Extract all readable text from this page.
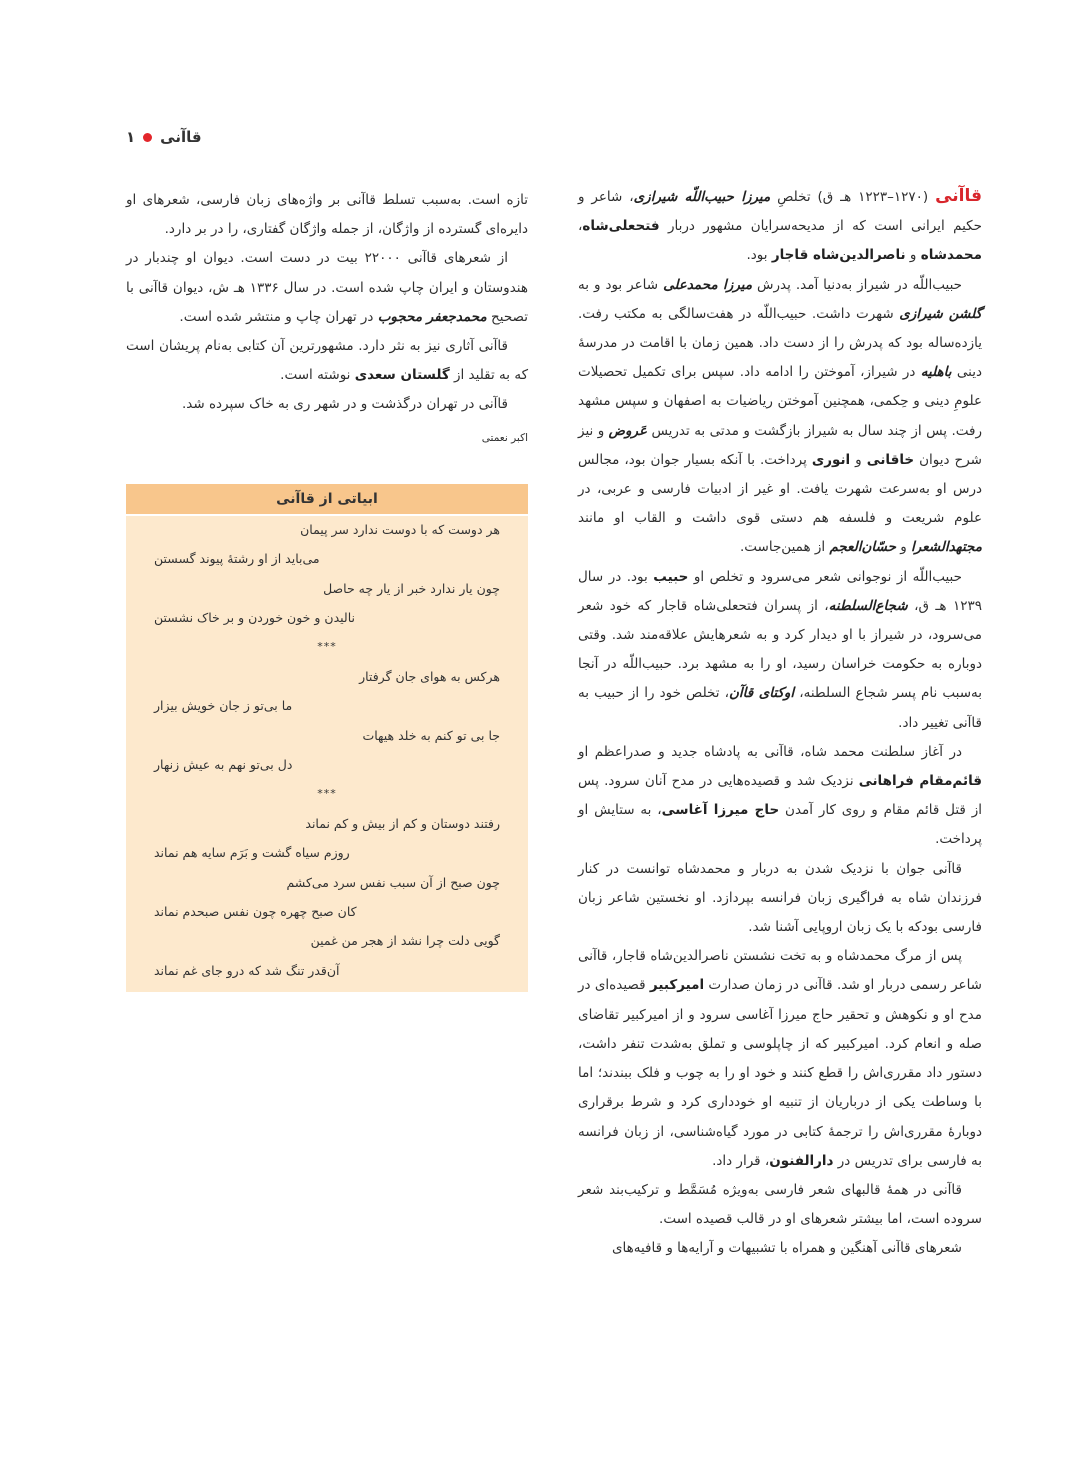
قاآنی
۱

قاآنی (۱۲۷۰–۱۲۲۳ هـ ق) تخلصِ میرزا حبیب‌اللّه شیرازی، شاعر و حکیم ایرانی است که از مدیحه‌سرایان مشهور دربار فتحعلی‌شاه، محمدشاه و ناصرالدین‌شاه قاجار بود.

حبیب‌اللّه در شیراز به‌دنیا آمد. پدرش میرزا محمدعلی شاعر بود و به گلشن شیرازی شهرت داشت. حبیب‌اللّه در هفت‌سالگی به مکتب رفت. یازده‌ساله بود که پدرش را از دست داد. همین زمان با اقامت در مدرسهٔ دینی باهلیه در شیراز، آموختن را ادامه داد. سپس برای تکمیل تحصیلات علومِ دینی و حِکمی، همچنین آموختن ریاضیات به اصفهان و سپس مشهد رفت. پس از چند سال به شیراز بازگشت و مدتی به تدریس عَروض و نیز شرح دیوان خاقانی و انوری پرداخت. با آنکه بسیار جوان بود، مجالس درس او به‌سرعت شهرت یافت. او غیر از ادبیات فارسی و عربی، در علوم شریعت و فلسفه هم دستی قوی داشت و القاب او مانند مجتهدالشعرا و حسّان‌العجم از همین‌جاست.

حبیب‌اللّه از نوجوانی شعر می‌سرود و تخلص او حبیب بود. در سال ۱۲۳۹ هـ ق، شجاع‌السلطنه، از پسران فتحعلی‌شاه قاجار که خود شعر می‌سرود، در شیراز با او دیدار کرد و به شعرهایش علاقه‌مند شد. وقتی دوباره به حکومت خراسان رسید، او را به مشهد برد. حبیب‌اللّه در آنجا به‌سبب نام پسر شجاع السلطنه، اوکتای قاآن، تخلص خود را از حبیب به قاآنی تغییر داد.

در آغاز سلطنت محمد شاه، قاآنی به پادشاه جدید و صدراعظم او قائم‌مقام فراهانی نزدیک شد و قصیده‌هایی در مدح آنان سرود. پس از قتل قائم مقام و روی کار آمدن حاج میرزا آغاسی، به ستایش او پرداخت.

قاآنی جوان با نزدیک شدن به دربار و محمدشاه توانست در کنار فرزندان شاه به فراگیری زبان فرانسه بپردازد. او نخستین شاعر زبان فارسی بودکه با یک زبان اروپایی آشنا شد.

پس از مرگ محمدشاه و به تخت نشستن ناصرالدین‌شاه قاجار، قاآنی شاعر رسمی دربار او شد. قاآنی در زمان صدارت امیرکبیر قصیده‌ای در مدح او و نکوهش و تحقیر حاج میرزا آغاسی سرود و از امیرکبیر تقاضای صله و انعام کرد. امیرکبیر که از چاپلوسی و تملق به‌شدت تنفر داشت، دستور داد مقرری‌اش را قطع کنند و خود او را به چوب و فلک ببندند؛ اما با وساطت یکی از درباریان از تنبیه او خودداری کرد و شرط برقراری دوبارهٔ مقرری‌اش را ترجمهٔ کتابی در مورد گیاه‌شناسی، از زبان فرانسه به فارسی برای تدریس در دارالفنون، قرار داد.

قاآنی در همهٔ قالبهای شعر فارسی به‌ویژه مُسَمَّط و ترکیب‌بند شعر سروده است، اما بیشتر شعرهای او در قالب قصیده است.

شعرهای قاآنی آهنگین و همراه با تشبیهات و آرایه‌ها و قافیه‌های

تازه است. به‌سبب تسلط قاآنی بر واژه‌های زبان فارسی، شعرهای او دایره‌ای گسترده از واژگان، از جمله واژگان گفتاری، را در بر دارد.

از شعرهای قاآنی ۲۲۰۰۰ بیت در دست است. دیوان او چندبار در هندوستان و ایران چاپ شده است. در سال ۱۳۳۶ هـ ش، دیوان قاآنی با تصحیح محمدجعفر محجوب در تهران چاپ و منتشر شده است.

قاآنی آثاری نیز به نثر دارد. مشهورترین آن کتابی به‌نام پریشان است که به تقلید از گلستان سعدی نوشته است.

قاآنی در تهران درگذشت و در شهر ری به خاک سپرده شد.

اکبر نعمتی

ابیاتی از قاآنی
هر دوست که با دوست ندارد سر پیمان
می‌باید از او رشتهٔ پیوند گسستن
چون یار ندارد خبر از یار چه حاصل
نالیدن و خون خوردن و بر خاک نشستن
***
هرکس به هوای جان گرفتار
ما بی‌تو ز جان خویش بیزار
جا بی تو کنم به خلد هیهات
دل بی‌تو نهم به عیش زنهار
***
رفتند دوستان و کم از بیش و کم نماند
روزم سیاه گشت و بَرَم سایه هم نماند
چون صبح از آن سبب نفس سرد می‌کشم
کان صبح چهره چون نفس صبحدم نماند
گویی دلت چرا نشد از هجر من غمین
آن‌قدر تنگ شد که درو جای غم نماند
